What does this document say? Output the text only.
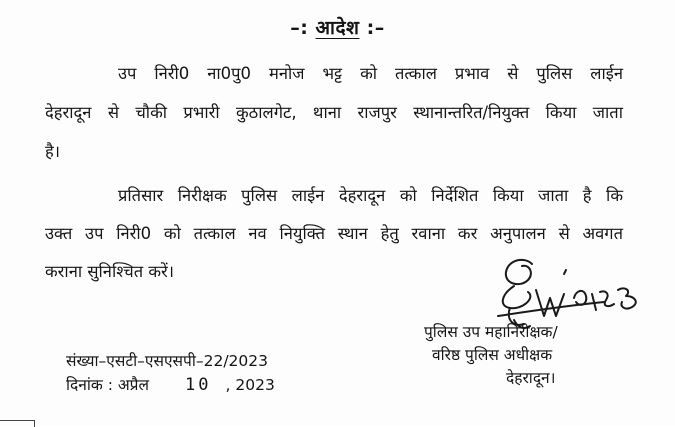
–: आदेश :–
उप निरी0 ना0पु0 मनोज भट्ट को तत्काल प्रभाव से पुलिस लाईन
देहरादून से चौकी प्रभारी कुठालगेट, थाना राजपुर स्थानान्तरित/नियुक्त किया जाता
है।
प्रतिसार निरीक्षक पुलिस लाईन देहरादून को निर्देशित किया जाता है कि
उक्त उप निरी0 को तत्काल नव नियुक्ति स्थान हेतु रवाना कर अनुपालन से अवगत
कराना सुनिश्चित करें।
पुलिस उप महानिरीक्षक/
वरिष्ठ पुलिस अधीक्षक
देहरादून।
संख्या–एसटी–एसएसपी–22/2023
दिनांक : अप्रैल 10 , 2023
